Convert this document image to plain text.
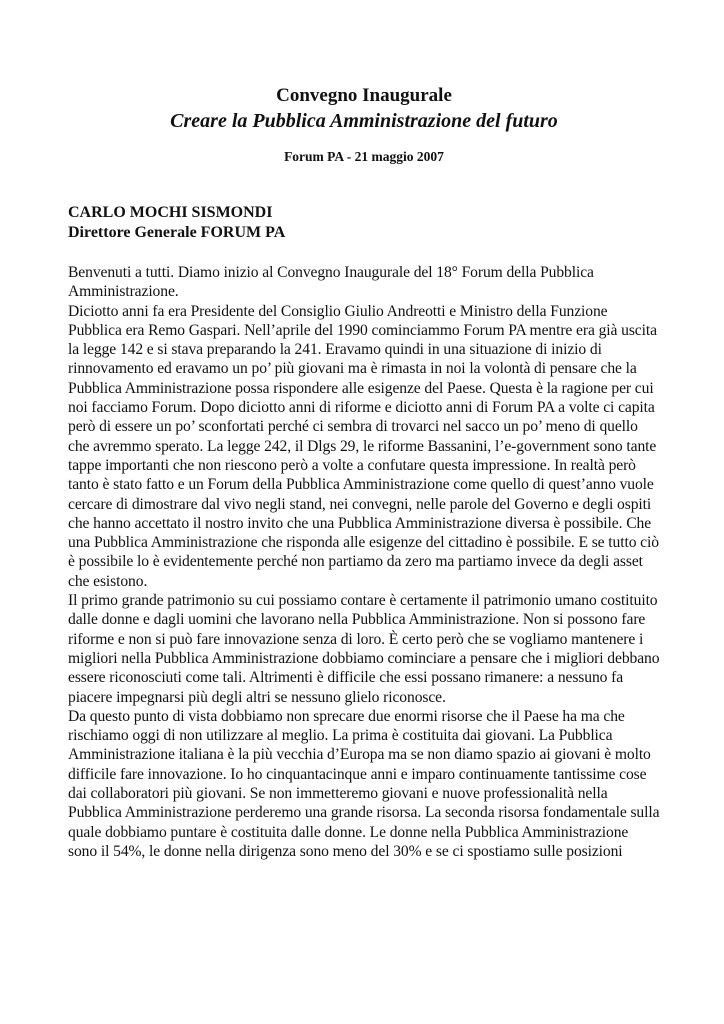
Convegno Inaugurale
Creare la Pubblica Amministrazione del futuro
Forum PA - 21 maggio 2007
CARLO MOCHI SISMONDI
Direttore Generale FORUM PA

Benvenuti a tutti. Diamo inizio al Convegno Inaugurale del 18° Forum della Pubblica Amministrazione.

Diciotto anni fa era Presidente del Consiglio Giulio Andreotti e Ministro della Funzione Pubblica era Remo Gaspari. Nell’aprile del 1990 cominciammo Forum PA mentre era già uscita la legge 142 e si stava preparando la 241. Eravamo quindi in una situazione di inizio di rinnovamento ed eravamo un po’ più giovani ma è rimasta in noi la volontà di pensare che la Pubblica Amministrazione possa rispondere alle esigenze del Paese. Questa è la ragione per cui noi facciamo Forum. Dopo diciotto anni di riforme e diciotto anni di Forum PA a volte ci capita però di essere un po’ sconfortati perché ci sembra di trovarci nel sacco un po’ meno di quello che avremmo sperato. La legge 242, il Dlgs 29, le riforme Bassanini, l’e-government sono tante tappe importanti che non riescono però a volte a confutare questa impressione. In realtà però tanto è stato fatto e un Forum della Pubblica Amministrazione come quello di quest’anno vuole cercare di dimostrare dal vivo negli stand, nei convegni, nelle parole del Governo e degli ospiti che hanno accettato il nostro invito che una Pubblica Amministrazione diversa è possibile. Che una Pubblica Amministrazione che risponda alle esigenze del cittadino è possibile. E se tutto ciò è possibile lo è evidentemente perché non partiamo da zero ma partiamo invece da degli asset che esistono.

Il primo grande patrimonio su cui possiamo contare è certamente il patrimonio umano costituito dalle donne e dagli uomini che lavorano nella Pubblica Amministrazione. Non si possono fare riforme e non si può fare innovazione senza di loro. È certo però che se vogliamo mantenere i migliori nella Pubblica Amministrazione dobbiamo cominciare a pensare che i migliori debbano essere riconosciuti come tali. Altrimenti è difficile che essi possano rimanere: a nessuno fa piacere impegnarsi più degli altri se nessuno glielo riconosce.

Da questo punto di vista dobbiamo non sprecare due enormi risorse che il Paese ha ma che rischiamo oggi di non utilizzare al meglio. La prima è costituita dai giovani. La Pubblica Amministrazione italiana è la più vecchia d’Europa ma se non diamo spazio ai giovani è molto difficile fare innovazione. Io ho cinquantacinque anni e imparo continuamente tantissime cose dai collaboratori più giovani. Se non immetteremo giovani e nuove professionalità nella Pubblica Amministrazione perderemo una grande risorsa. La seconda risorsa fondamentale sulla quale dobbiamo puntare è costituita dalle donne. Le donne nella Pubblica Amministrazione sono il 54%, le donne nella dirigenza sono meno del 30% e se ci spostiamo sulle posizioni
